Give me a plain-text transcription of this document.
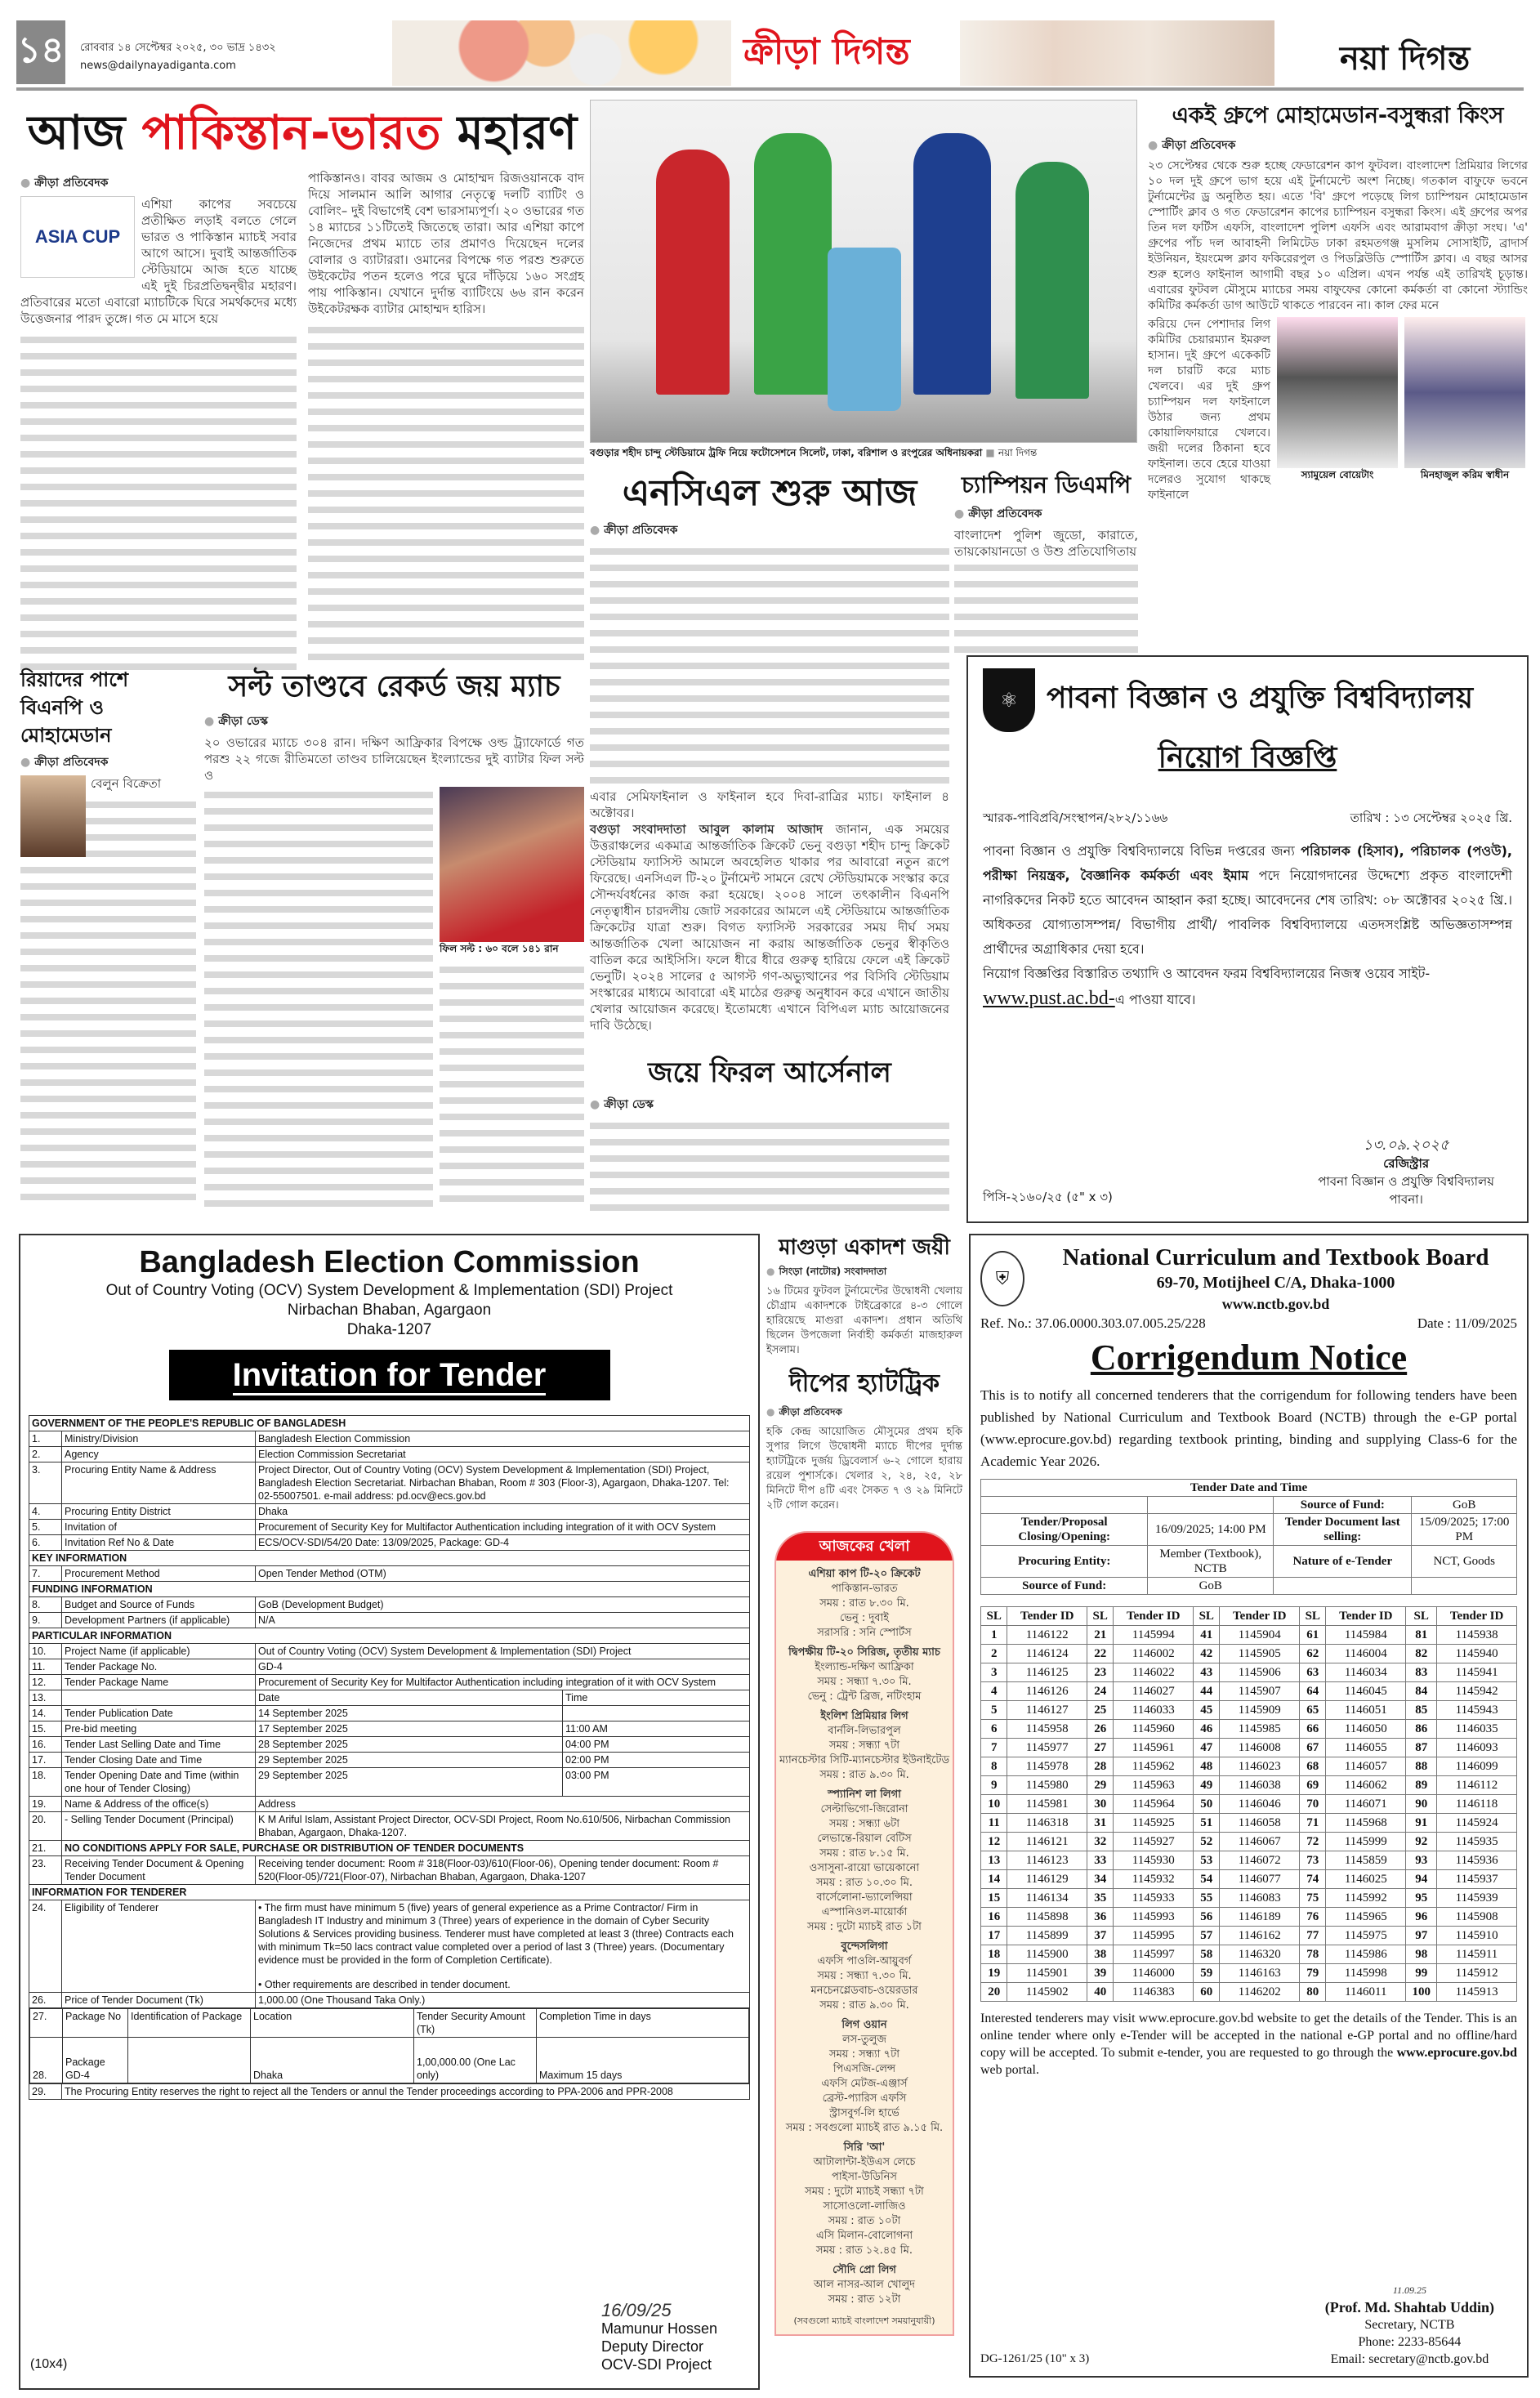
১৪ রোববার ১৪ সেপ্টেম্বর ২০২৫, ৩০ ভাদ্র ১৪৩২
news@dailynayadiganta.com	ক্রীড়া দিগন্ত	নয়া দিগন্ত
আজ পাকিস্তান-ভারত মহারণ
● ক্রীড়া প্রতিবেদক
ASIA CUP
এশিয়া কাপের সবচেয়ে প্রতীক্ষিত লড়াই বলতে গেলে ভারত ও পাকিস্তান ম্যাচই সবার আগে আসে। দুবাই আন্তর্জাতিক স্টেডিয়ামে আজ হতে যাচ্ছে এই দুই চিরপ্রতিদ্বন্দ্বীর মহারণ। প্রতিবারের মতো এবারো ম্যাচটিকে ঘিরে সমর্থকদের মধ্যে উত্তেজনার পারদ তুঙ্গে। গত মে মাসে হয়ে
পাকিস্তানও। বাবর আজম ও মোহাম্মদ রিজওয়ানকে বাদ দিয়ে সালমান আলি আগার নেতৃত্বে দলটি ব্যাটিং ও বোলিং– দুই বিভাগেই বেশ ভারসাম্যপূর্ণ। ২০ ওভারের গত ১৪ ম্যাচের ১১টিতেই জিতেছে তারা। আর এশিয়া কাপে নিজেদের প্রথম ম্যাচে তার প্রমাণও দিয়েছেন দলের বোলার ও ব্যাটাররা। ওমানের বিপক্ষে গত পরশু শুরুতে উইকেটের পতন হলেও পরে ঘুরে দাঁড়িয়ে ১৬০ সংগ্রহ পায় পাকিস্তান। যেখানে দুর্দান্ত ব্যাটিংয়ে ৬৬ রান করেন উইকেটরক্ষক ব্যাটার মোহাম্মদ হারিস।
বগুড়ার শহীদ চান্দু স্টেডিয়ামে ট্রফি নিয়ে ফটোসেশনে সিলেট, ঢাকা, বরিশাল ও রংপুরের অধিনায়করা ■ নয়া দিগন্ত
একই গ্রুপে মোহামেডান-বসুন্ধরা কিংস
● ক্রীড়া প্রতিবেদক
২৩ সেপ্টেম্বর থেকে শুরু হচ্ছে ফেডারেশন কাপ ফুটবল। বাংলাদেশ প্রিমিয়ার লিগের ১০ দল দুই গ্রুপে ভাগ হয়ে এই টুর্নামেন্টে অংশ নিচ্ছে। গতকাল বাফুফে ভবনে টুর্নামেন্টের ড্র অনুষ্ঠিত হয়। এতে 'বি' গ্রুপে পড়েছে লিগ চ্যাম্পিয়ন মোহামেডান স্পোর্টিং ক্লাব ও গত ফেডারেশন কাপের চ্যাম্পিয়ন বসুন্ধরা কিংস। এই গ্রুপের অপর তিন দল ফর্টিস এফসি, বাংলাদেশ পুলিশ এফসি এবং আরামবাগ ক্রীড়া সংঘ। 'এ' গ্রুপের পাঁচ দল আবাহনী লিমিটেড ঢাকা রহমতগঞ্জ মুসলিম সোসাইটি, ব্রাদার্স ইউনিয়ন, ইয়ংমেন্স ক্লাব ফকিরেরপুল ও পিডব্লিউডি স্পোর্টিস ক্লাব। এ বছর আসর শুরু হলেও ফাইনাল আগামী বছর ১০ এপ্রিল। এখন পর্যন্ত এই তারিখই চূড়ান্ত। এবারের ফুটবল মৌসুমে ম্যাচের সময় বাফুফের কোনো কর্মকর্তা বা কোনো স্ট্যান্ডিং কমিটির কর্মকর্তা ডাগ আউটে থাকতে পারবেন না। কাল ফের মনে
করিয়ে দেন পেশাদার লিগ কমিটির চেয়ারম্যান ইমরুল হাসান। দুই গ্রুপে একেকটি দল চারটি করে ম্যাচ খেলবে। এর দুই গ্রুপ চ্যাম্পিয়ন দল ফাইনালে উঠার জন্য প্রথম কোয়ালিফায়ারে খেলবে। জয়ী দলের ঠিকানা হবে ফাইনাল। তবে হেরে যাওয়া দলেরও সুযোগ থাকছে ফাইনালে
স্যামুয়েল বোয়েটাং	মিনহাজুল করিম স্বাধীন
এনসিএল শুরু আজ
● ক্রীড়া প্রতিবেদক
এবার সেমিফাইনাল ও ফাইনাল হবে দিবা-রাত্রির ম্যাচ। ফাইনাল ৪ অক্টোবর।
বগুড়া সংবাদদাতা আবুল কালাম আজাদ জানান, এক সময়ের উত্তরাঞ্চলের একমাত্র আন্তর্জাতিক ক্রিকেট ভেনু বগুড়া শহীদ চান্দু ক্রিকেট স্টেডিয়াম ফ্যাসিস্ট আমলে অবহেলিত থাকার পর আবারো নতুন রূপে ফিরেছে। এনসিএল টি-২০ টুর্নামেন্ট সামনে রেখে স্টেডিয়ামকে সংস্কার করে সৌন্দর্যবর্ধনের কাজ করা হয়েছে। ২০০৪ সালে তৎকালীন বিএনপি নেতৃত্বাধীন চারদলীয় জোট সরকারের আমলে এই স্টেডিয়ামে আন্তর্জাতিক ক্রিকেটের যাত্রা শুরু। বিগত ফ্যাসিস্ট সরকারের সময় দীর্ঘ সময় আন্তর্জাতিক খেলা আয়োজন না করায় আন্তর্জাতিক ভেনুর স্বীকৃতিও বাতিল করে আইসিসি। ফলে ধীরে ধীরে গুরুত্ব হারিয়ে ফেলে এই ক্রিকেট ভেনুটি। ২০২৪ সালের ৫ আগস্ট গণ-অভ্যুত্থানের পর বিসিবি স্টেডিয়াম সংস্কারের মাধ্যমে আবারো এই মাঠের গুরুত্ব অনুধাবন করে এখানে জাতীয় খেলার আয়োজন করেছে। ইতোমধ্যে এখানে বিপিএল ম্যাচ আয়োজনের দাবি উঠেছে।
চ্যাম্পিয়ন ডিএমপি
● ক্রীড়া প্রতিবেদক
বাংলাদেশ পুলিশ জুডো, কারাতে, তায়কোয়ানডো ও উশু প্রতিযোগিতায়
রিয়াদের পাশে বিএনপি ও মোহামেডান
● ক্রীড়া প্রতিবেদক
বেলুন বিক্রেতা
সল্ট তাণ্ডবে রেকর্ড জয় ম্যাচ
● ক্রীড়া ডেস্ক
২০ ওভারের ম্যাচে ৩০৪ রান। দক্ষিণ আফ্রিকার বিপক্ষে ওল্ড ট্র্যাফোর্ডে গত পরশু ২২ গজে রীতিমতো তাণ্ডব চালিয়েছেন ইংল্যান্ডের দুই ব্যাটার ফিল সল্ট ও
ফিল সল্ট : ৬০ বলে ১৪১ রান
জয়ে ফিরল আর্সেনাল
● ক্রীড়া ডেস্ক
⚛ পাবনা বিজ্ঞান ও প্রযুক্তি বিশ্ববিদ্যালয়
নিয়োগ বিজ্ঞপ্তি
স্মারক-পাবিপ্রবি/সংস্থাপন/২৮২/১১৬৬	তারিখ : ১৩ সেপ্টেম্বর ২০২৫ খ্রি.
পাবনা বিজ্ঞান ও প্রযুক্তি বিশ্ববিদ্যালয়ে বিভিন্ন দপ্তরের জন্য পরিচালক (হিসাব), পরিচালক (পওউ), পরীক্ষা নিয়ন্ত্রক, বৈজ্ঞানিক কর্মকর্তা এবং ইমাম পদে নিয়োগদানের উদ্দেশ্যে প্রকৃত বাংলাদেশী নাগরিকদের নিকট হতে আবেদন আহ্বান করা হচ্ছে। আবেদনের শেষ তারিখ: ০৮ অক্টোবর ২০২৫ খ্রি.। অধিকতর যোগ্যতাসম্পন্ন/ বিভাগীয় প্রার্থী/ পাবলিক বিশ্ববিদ্যালয়ে এতদসংশ্লিষ্ট অভিজ্ঞতাসম্পন্ন প্রার্থীদের অগ্রাধিকার দেয়া হবে।
নিয়োগ বিজ্ঞপ্তির বিস্তারিত তথ্যাদি ও আবেদন ফরম বিশ্ববিদ্যালয়ের নিজস্ব ওয়েব সাইট-
www.pust.ac.bd-এ পাওয়া যাবে।
১৩.০৯.২০২৫
রেজিস্ট্রার
পাবনা বিজ্ঞান ও প্রযুক্তি বিশ্ববিদ্যালয়
পাবনা।
পিসি-২১৬০/২৫ (৫" x ৩)
Bangladesh Election Commission
Out of Country Voting (OCV) System Development & Implementation (SDI) Project
Nirbachan Bhaban, Agargaon
Dhaka-1207
Invitation for Tender
GOVERNMENT OF THE PEOPLE'S REPUBLIC OF BANGLADESH
1.	Ministry/Division	Bangladesh Election Commission

2.	Agency	Election Commission Secretariat

3.	Procuring Entity Name & Address	Project Director, Out of Country Voting (OCV) System Development & Implementation (SDI) Project, Bangladesh Election Secretariat. Nirbachan Bhaban, Room # 303 (Floor-3), Agargaon, Dhaka-1207. Tel: 02-55007501. e-mail address: pd.ocv@ecs.gov.bd

4.	Procuring Entity District	Dhaka

5.	Invitation of	Procurement of Security Key for Multifactor Authentication including integration of it with OCV System

6.	Invitation Ref No & Date	ECS/OCV-SDI/54/20 Date: 13/09/2025, Package: GD-4

KEY INFORMATION
7.	Procurement Method	Open Tender Method (OTM)

FUNDING INFORMATION
8.	Budget and Source of Funds	GoB (Development Budget)

9.	Development Partners (if applicable)	N/A

PARTICULAR INFORMATION
10.	Project Name (if applicable)	Out of Country Voting (OCV) System Development & Implementation (SDI) Project

11.	Tender Package No.	GD-4

12.	Tender Package Name	Procurement of Security Key for Multifactor Authentication including integration of it with OCV System

13.		Date	Time
14.	Tender Publication Date	14 September 2025	
15.	Pre-bid meeting	17 September 2025	11:00 AM
16.	Tender Last Selling Date and Time	28 September 2025	04:00 PM
17.	Tender Closing Date and Time	29 September 2025	02:00 PM
18.	Tender Opening Date and Time (within one hour of Tender Closing)	29 September 2025	03:00 PM
19.	Name & Address of the office(s)	Address

20.	- Selling Tender Document (Principal)	K M Ariful Islam, Assistant Project Director, OCV-SDI Project, Room No.610/506, Nirbachan Commission Bhaban, Agargaon, Dhaka-1207.

21.	NO CONDITIONS APPLY FOR SALE, PURCHASE OR DISTRIBUTION OF TENDER DOCUMENTS
23.	Receiving Tender Document & Opening Tender Document	
Receiving tender document: Room # 318(Floor-03)/610(Floor-06), Opening tender document: Room # 520(Floor-05)/721(Floor-07), Nirbachan Bhaban, Agargaon, Dhaka-1207

INFORMATION FOR TENDERER
24.	Eligibility of Tenderer	• The firm must have minimum 5 (five) years of general experience as a Prime Contractor/ Firm in Bangladesh IT Industry and minimum 3 (Three) years of experience in the domain of Cyber Security Solutions & Services providing business. Tenderer must have completed at least 3 (three) Contracts each with minimum Tk=50 lacs contract value completed over a period of last 3 (Three) years. (Documentary evidence must be provided in the form of Completion Certificate).
• Other requirements are described in tender document.

26.	Price of Tender Document (Tk)	1,000.00 (One Thousand Taka Only.)

27.	Package No	Identification of Package	Location	Tender Security Amount (Tk)	Completion Time in days
28.	Package GD-4		Dhaka	1,00,000.00 (One Lac only)	Maximum 15 days

29.	The Procuring Entity reserves the right to reject all the Tenders or annul the Tender proceedings according to PPA-2006 and PPR-2008
16/09/25
Mamunur Hossen
Deputy Director
OCV-SDI Project
(10x4)
মাগুড়া একাদশ জয়ী
● সিংড়া (নাটোর) সংবাদদাতা
১৬ টিমের ফুটবল টুর্নামেন্টের উদ্বোধনী খেলায় চৌগ্রাম একাদশকে টাইব্রেকারে ৪-৩ গোলে হারিয়েছে মাগুরা একাদশ। প্রধান অতিথি ছিলেন উপজেলা নির্বাহী কর্মকর্তা মাজহারুল ইসলাম।
দীপের হ্যাটট্রিক
● ক্রীড়া প্রতিবেদক
হকি কেন্দ্র আয়োজিত মৌসুমের প্রথম হকি সুপার লিগে উদ্বোধনী ম্যাচে দীপের দুর্দান্ত হ্যাটট্রিকে দুর্জয় ড্রিবেলার্স ৬-২ গোলে হারায় রয়েল পুশার্সকে। খেলার ২, ২৪, ২৫, ২৮ মিনিটে দীপ ৪টি এবং সৈকত ৭ ও ২৯ মিনিটে ২টি গোল করেন।
আজকের খেলা
এশিয়া কাপ টি-২০ ক্রিকেট
পাকিস্তান-ভারত
সময় : রাত ৮.৩০ মি.
ভেনু : দুবাই
সরাসরি : সনি স্পোর্টস
দ্বিপক্ষীয় টি-২০ সিরিজ, তৃতীয় ম্যাচ
ইংল্যান্ড-দক্ষিণ আফ্রিকা
সময় : সন্ধ্যা ৭.৩০ মি.
ভেনু : ট্রেন্ট ব্রিজ, নটিংহাম
ইংলিশ প্রিমিয়ার লিগ
বার্নলি-লিভারপুল
সময় : সন্ধ্যা ৭টা
ম্যানচেস্টার সিটি-ম্যানচেস্টার ইউনাইটেড
সময় : রাত ৯.৩০ মি.
স্প্যানিশ লা লিগা
সেল্টাভিগো-জিরোনা
সময় : সন্ধ্যা ৬টা
লেভান্তে-রিয়াল বেটিস
সময় : রাত ৮.১৫ মি.
ওসাসুনা-রায়ো ভায়েকানো
সময় : রাত ১০.৩০ মি.
বার্সেলোনা-ভ্যালেন্সিয়া
এস্পানিওল-মায়োর্কা
সময় : দুটো ম্যাচই রাত ১টা
বুন্দেসলিগা
এফসি পাওলি-আয়ুবর্গ
সময় : সন্ধ্যা ৭.৩০ মি.
মনচেনগ্লেডবাচ-ওয়েরডার
সময় : রাত ৯.৩০ মি.
লিগ ওয়ান
লস-তুলুজ
সময় : সন্ধ্যা ৭টা
পিএসজি-লেন্স
এফসি মেটজ-এঞ্জার্স
ব্রেস্ট-প্যারিস এফসি
স্ট্রাসবুর্গ-লি হার্ভে
সময় : সবগুলো ম্যাচই রাত ৯.১৫ মি.
সিরি 'আ'
আটালান্টা-ইউএস লেচে
পাইসা-উডিনিস
সময় : দুটো ম্যাচই সন্ধ্যা ৭টা
সাসোওলো-লাজিও
সময় : রাত ১০টা
এসি মিলান-বোলোগনা
সময় : রাত ১২.৪৫ মি.
সৌদি প্রো লিগ
আল নাসর-আল খোলুদ
সময় : রাত ১২টা
(সবগুলো ম্যাচই বাংলাদেশ সময়ানুযায়ী)
⛨
National Curriculum and Textbook Board
69-70, Motijheel C/A, Dhaka-1000
www.nctb.gov.bd
Ref. No.: 37.06.0000.303.07.005.25/228	Date : 11/09/2025
Corrigendum Notice
This is to notify all concerned tenderers that the corrigendum for following tenders have been published by National Curriculum and Textbook Board (NCTB) through the e-GP portal (www.eprocure.gov.bd) regarding textbook printing, binding and supplying Class-6 for the Academic Year 2026.
Tender Date and Time			
		Source of Fund:	GoB
Tender/Proposal Closing/Opening:	16/09/2025; 14:00 PM	Tender Document last selling:	15/09/2025; 17:00 PM
Procuring Entity:	Member (Textbook), NCTB	Nature of e-Tender	NCT, Goods
Source of Fund:	GoB		
SL	Tender ID	SL	Tender ID	SL	Tender ID	SL	Tender ID	SL	Tender ID
1	1146122	21	1145994	41	1145904	61	1145984	81	1145938
2	1146124	22	1146002	42	1145905	62	1146004	82	1145940
3	1146125	23	1146022	43	1145906	63	1146034	83	1145941
4	1146126	24	1146027	44	1145907	64	1146045	84	1145942
5	1146127	25	1146033	45	1145909	65	1146051	85	1145943
6	1145958	26	1145960	46	1145985	66	1146050	86	1146035
7	1145977	27	1145961	47	1146008	67	1146055	87	1146093
8	1145978	28	1145962	48	1146023	68	1146057	88	1146099
9	1145980	29	1145963	49	1146038	69	1146062	89	1146112
10	1145981	30	1145964	50	1146046	70	1146071	90	1146118
11	1146318	31	1145925	51	1146058	71	1145968	91	1145924
12	1146121	32	1145927	52	1146067	72	1145999	92	1145935
13	1146123	33	1145930	53	1146072	73	1145859	93	1145936
14	1146129	34	1145932	54	1146077	74	1146025	94	1145937
15	1146134	35	1145933	55	1146083	75	1145992	95	1145939
16	1145898	36	1145993	56	1146189	76	1145965	96	1145908
17	1145899	37	1145995	57	1146162	77	1145975	97	1145910
18	1145900	38	1145997	58	1146320	78	1145986	98	1145911
19	1145901	39	1146000	59	1146163	79	1145998	99	1145912
20	1145902	40	1146383	60	1146202	80	1146011	100	1145913
Interested tenderers may visit www.eprocure.gov.bd website to get the details of the Tender. This is an online tender where only e-Tender will be accepted in the national e-GP portal and no offline/hard copy will be accepted. To submit e-tender, you are requested to go through the www.eprocure.gov.bd web portal.
11.09.25
(Prof. Md. Shahtab Uddin)
Secretary, NCTB
Phone: 2233-85644
Email: secretary@nctb.gov.bd
DG-1261/25 (10" x 3)
